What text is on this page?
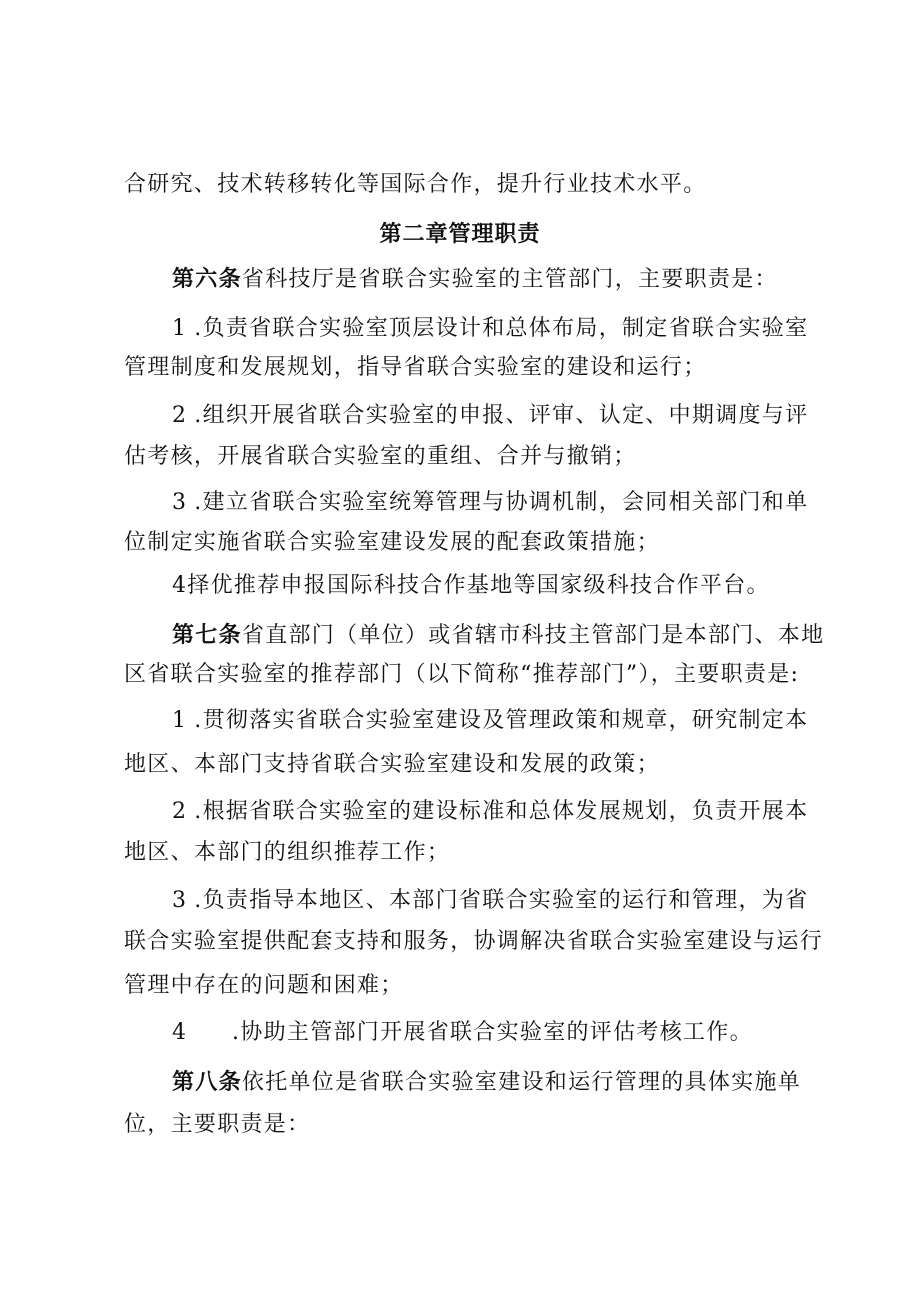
合研究、技术转移转化等国际合作，提升行业技术水平。
第二章管理职责
第六条省科技厅是省联合实验室的主管部门，主要职责是：
1 .负责省联合实验室顶层设计和总体布局，制定省联合实验室
管理制度和发展规划，指导省联合实验室的建设和运行；
2 .组织开展省联合实验室的申报、评审、认定、中期调度与评
估考核，开展省联合实验室的重组、合并与撤销；
3 .建立省联合实验室统筹管理与协调机制，会同相关部门和单
位制定实施省联合实验室建设发展的配套政策措施；
4择优推荐申报国际科技合作基地等国家级科技合作平台。
第七条省直部门（单位）或省辖市科技主管部门是本部门、本地
区省联合实验室的推荐部门（以下简称“推荐部门”），主要职责是:
1 .贯彻落实省联合实验室建设及管理政策和规章，研究制定本
地区、本部门支持省联合实验室建设和发展的政策；
2 .根据省联合实验室的建设标准和总体发展规划，负责开展本
地区、本部门的组织推荐工作；
3 .负责指导本地区、本部门省联合实验室的运行和管理，为省
联合实验室提供配套支持和服务，协调解决省联合实验室建设与运行
管理中存在的问题和困难；
4 .协助主管部门开展省联合实验室的评估考核工作。
第八条依托单位是省联合实验室建设和运行管理的具体实施单
位，主要职责是：
